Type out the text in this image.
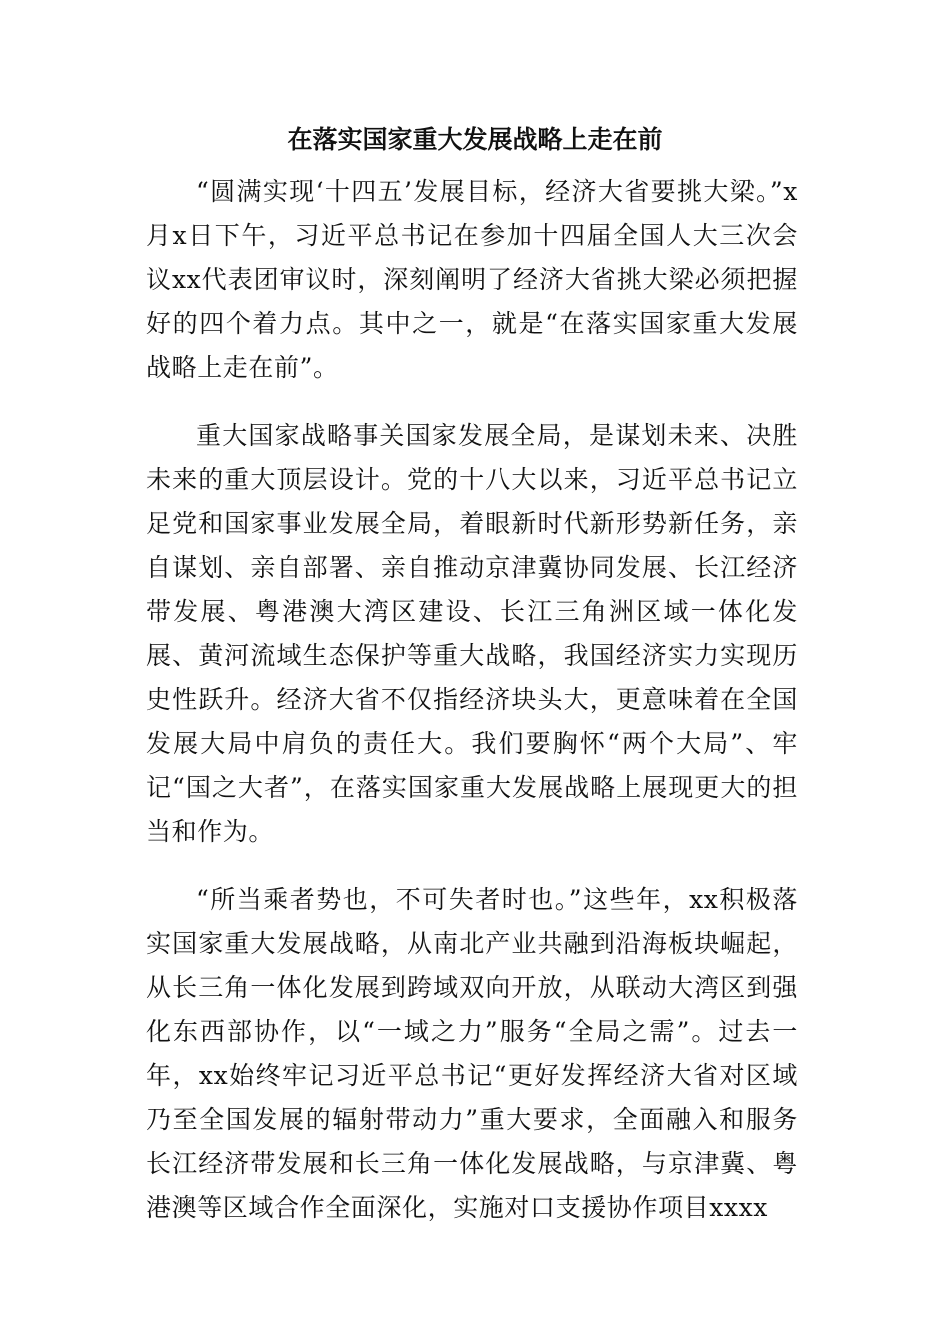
在落实国家重大发展战略上走在前

“圆满实现‘十四五’发展目标，经济大省要挑大梁。”x月x日下午，习近平总书记在参加十四届全国人大三次会议xx代表团审议时，深刻阐明了经济大省挑大梁必须把握好的四个着力点。其中之一，就是“在落实国家重大发展战略上走在前”。

重大国家战略事关国家发展全局，是谋划未来、决胜未来的重大顶层设计。党的十八大以来，习近平总书记立足党和国家事业发展全局，着眼新时代新形势新任务，亲自谋划、亲自部署、亲自推动京津冀协同发展、长江经济带发展、粤港澳大湾区建设、长江三角洲区域一体化发展、黄河流域生态保护等重大战略，我国经济实力实现历史性跃升。经济大省不仅指经济块头大，更意味着在全国发展大局中肩负的责任大。我们要胸怀“两个大局”、牢记“国之大者”，在落实国家重大发展战略上展现更大的担当和作为。

“所当乘者势也，不可失者时也。”这些年，xx积极落实国家重大发展战略，从南北产业共融到沿海板块崛起，从长三角一体化发展到跨域双向开放，从联动大湾区到强化东西部协作，以“一域之力”服务“全局之需”。过去一年，xx始终牢记习近平总书记“更好发挥经济大省对区域乃至全国发展的辐射带动力”重大要求，全面融入和服务长江经济带发展和长三角一体化发展战略，与京津冀、粤港澳等区域合作全面深化，实施对口支援协作项目xxxx
